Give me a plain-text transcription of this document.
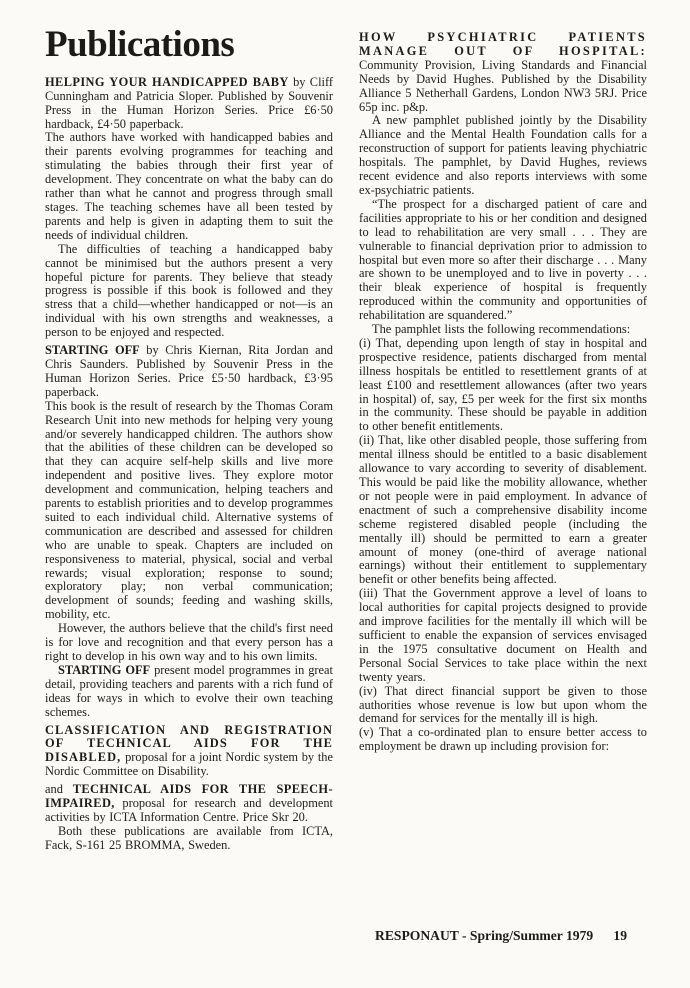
Publications

HELPING YOUR HANDICAPPED BABY by Cliff Cunningham and Patricia Sloper. Published by Souvenir Press in the Human Horizon Series. Price £6·50 hardback, £4·50 paperback.

The authors have worked with handicapped babies and their parents evolving programmes for teaching and stimulating the babies through their first year of development. They concentrate on what the baby can do rather than what he cannot and progress through small stages. The teaching schemes have all been tested by parents and help is given in adapting them to suit the needs of individual children.

The difficulties of teaching a handicapped baby cannot be minimised but the authors present a very hopeful picture for parents. They believe that steady progress is possible if this book is followed and they stress that a child—whether handicapped or not—is an individual with his own strengths and weaknesses, a person to be enjoyed and respected.

STARTING OFF by Chris Kiernan, Rita Jordan and Chris Saunders. Published by Souvenir Press in the Human Horizon Series. Price £5·50 hardback, £3·95 paperback.

This book is the result of research by the Thomas Coram Research Unit into new methods for helping very young and/or severely handicapped children. The authors show that the abilities of these children can be developed so that they can acquire self-help skills and live more independent and positive lives. They explore motor development and communication, helping teachers and parents to establish priorities and to develop programmes suited to each individual child. Alternative systems of communication are described and assessed for children who are unable to speak. Chapters are included on responsiveness to material, physical, social and verbal rewards; visual exploration; response to sound; exploratory play; non verbal communication; development of sounds; feeding and washing skills, mobility, etc.

However, the authors believe that the child's first need is for love and recognition and that every person has a right to develop in his own way and to his own limits.

STARTING OFF present model programmes in great detail, providing teachers and parents with a rich fund of ideas for ways in which to evolve their own teaching schemes.

CLASSIFICATION AND REGISTRATION OF TECHNICAL AIDS FOR THE DISABLED, proposal for a joint Nordic system by the Nordic Committee on Disability.

and TECHNICAL AIDS FOR THE SPEECH-IMPAIRED, proposal for research and development activities by ICTA Information Centre. Price Skr 20.

Both these publications are available from ICTA, Fack, S-161 25 BROMMA, Sweden.

HOW PSYCHIATRIC PATIENTS MANAGE OUT OF HOSPITAL: Community Provision, Living Standards and Financial Needs by David Hughes. Published by the Disability Alliance 5 Netherhall Gardens, London NW3 5RJ. Price 65p inc. p&p.

A new pamphlet published jointly by the Disability Alliance and the Mental Health Foundation calls for a reconstruction of support for patients leaving phychiatric hospitals. The pamphlet, by David Hughes, reviews recent evidence and also reports interviews with some ex-psychiatric patients.

“The prospect for a discharged patient of care and facilities appropriate to his or her condition and designed to lead to rehabilitation are very small . . . They are vulnerable to financial deprivation prior to admission to hospital but even more so after their discharge . . . Many are shown to be unemployed and to live in poverty . . . their bleak experience of hospital is frequently reproduced within the community and opportunities of rehabilitation are squandered.”

The pamphlet lists the following recommendations:

(i) That, depending upon length of stay in hospital and prospective residence, patients discharged from mental illness hospitals be entitled to resettlement grants of at least £100 and resettlement allowances (after two years in hospital) of, say, £5 per week for the first six months in the community. These should be payable in addition to other benefit entitlements.

(ii) That, like other disabled people, those suffering from mental illness should be entitled to a basic disablement allowance to vary according to severity of disablement. This would be paid like the mobility allowance, whether or not people were in paid employment. In advance of enactment of such a comprehensive disability income scheme registered disabled people (including the mentally ill) should be permitted to earn a greater amount of money (one-third of average national earnings) without their entitlement to supplementary benefit or other benefits being affected.

(iii) That the Government approve a level of loans to local authorities for capital projects designed to provide and improve facilities for the mentally ill which will be sufficient to enable the expansion of services envisaged in the 1975 consultative document on Health and Personal Social Services to take place within the next twenty years.

(iv) That direct financial support be given to those authorities whose revenue is low but upon whom the demand for services for the mentally ill is high.

(v) That a co-ordinated plan to ensure better access to employment be drawn up including provision for:

RESPONAUT - Spring/Summer 1979 19
